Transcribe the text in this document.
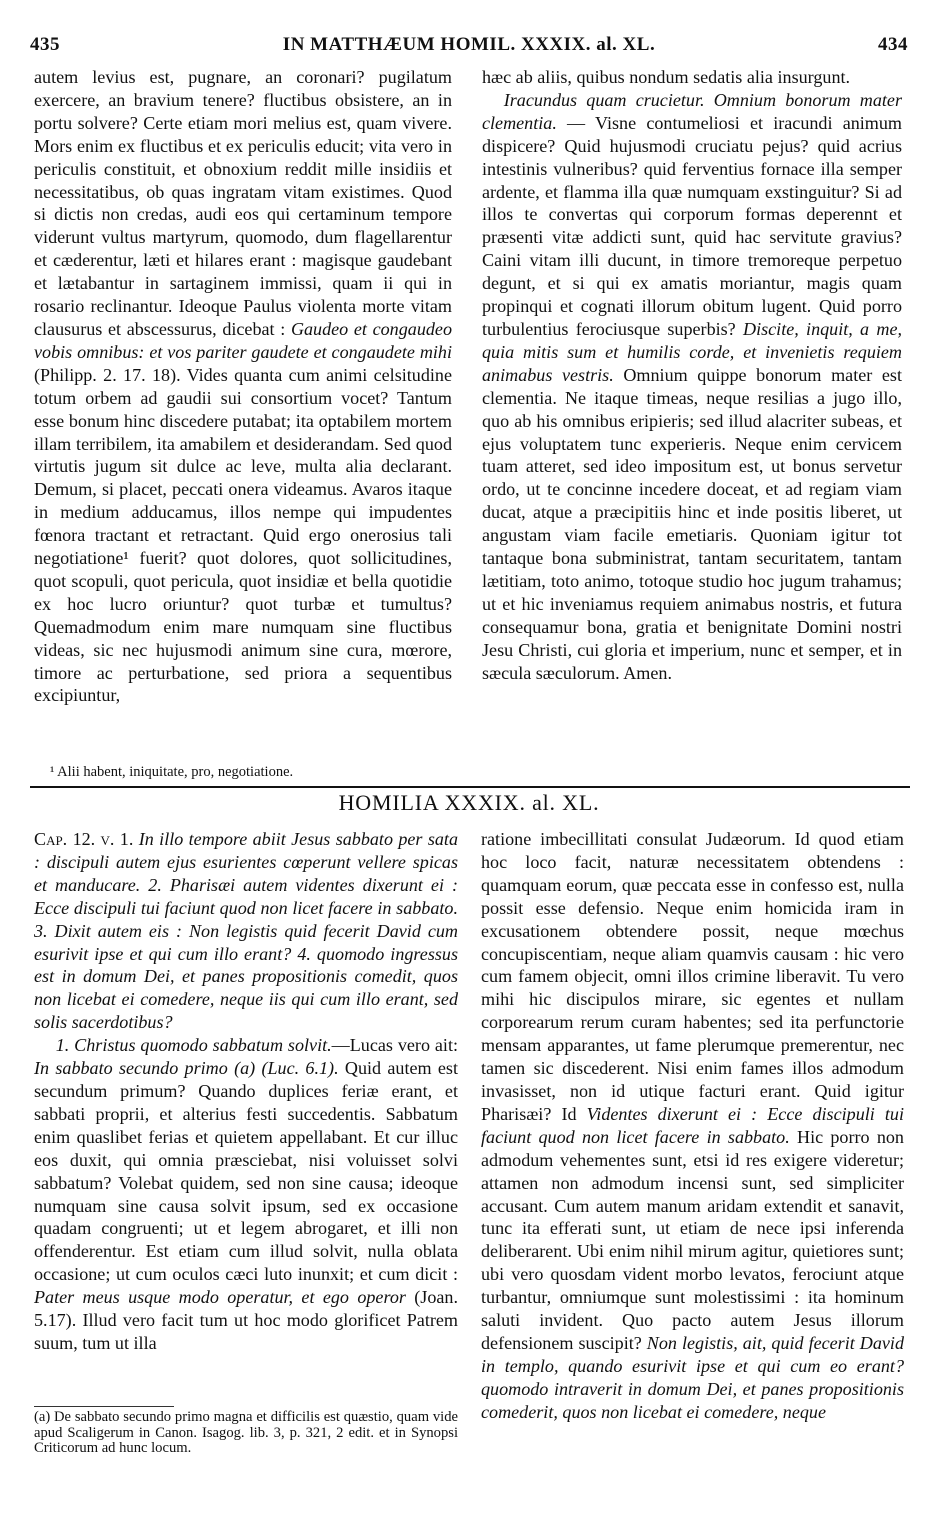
435	IN MATTHÆUM HOMIL. XXXIX. al. XL.	434

autem levius est, pugnare, an coronari? pugilatum exercere, an bravium tenere? fluctibus obsistere, an in portu solvere? Certe etiam mori melius est, quam vivere. Mors enim ex fluctibus et ex periculis educit; vita vero in periculis constituit, et obnoxium reddit mille insidiis et necessitatibus, ob quas ingratam vitam existimes. Quod si dictis non credas, audi eos qui certaminum tempore viderunt vultus martyrum, quomodo, dum flagellarentur et cæderentur, læti et hilares erant : magisque gaudebant et lætabantur in sartaginem immissi, quam ii qui in rosario reclinantur. Ideoque Paulus violenta morte vitam clausurus et abscessurus, dicebat : Gaudeo et congaudeo vobis omnibus: et vos pariter gaudete et congaudete mihi (Philipp. 2. 17. 18). Vides quanta cum animi celsitudine totum orbem ad gaudii sui consortium vocet? Tantum esse bonum hinc discedere putabat; ita optabilem mortem illam terribilem, ita amabilem et desiderandam. Sed quod virtutis jugum sit dulce ac leve, multa alia declarant. Demum, si placet, peccati onera videamus. Avaros itaque in medium adducamus, illos nempe qui impudentes fœnora tractant et retractant. Quid ergo onerosius tali negotiatione¹ fuerit? quot dolores, quot sollicitudines, quot scopuli, quot pericula, quot insidiæ et bella quotidie ex hoc lucro oriuntur? quot turbæ et tumultus? Quemadmodum enim mare numquam sine fluctibus videas, sic nec hujusmodi animum sine cura, mœrore, timore ac perturbatione, sed priora a sequentibus excipiuntur,

¹ Alii habent, iniquitate, pro, negotiatione.

hæc ab aliis, quibus nondum sedatis alia insurgunt.

Iracundus quam crucietur. Omnium bonorum mater clementia. — Visne contumeliosi et iracundi animum dispicere? Quid hujusmodi cruciatu pejus? quid acrius intestinis vulneribus? quid ferventius fornace illa semper ardente, et flamma illa quæ numquam exstinguitur? Si ad illos te convertas qui corporum formas deperennt et præsenti vitæ addicti sunt, quid hac servitute gravius? Caini vitam illi ducunt, in timore tremoreque perpetuo degunt, et si qui ex amatis moriantur, magis quam propinqui et cognati illorum obitum lugent. Quid porro turbulentius ferociusque superbis? Discite, inquit, a me, quia mitis sum et humilis corde, et invenietis requiem animabus vestris. Omnium quippe bonorum mater est clementia. Ne itaque timeas, neque resilias a jugo illo, quo ab his omnibus eripieris; sed illud alacriter subeas, et ejus voluptatem tunc experieris. Neque enim cervicem tuam atteret, sed ideo impositum est, ut bonus servetur ordo, ut te concinne incedere doceat, et ad regiam viam ducat, atque a præcipitiis hinc et inde positis liberet, ut angustam viam facile emetiaris. Quoniam igitur tot tantaque bona subministrat, tantam securitatem, tantam lætitiam, toto animo, totoque studio hoc jugum trahamus; ut et hic inveniamus requiem animabus nostris, et futura consequamur bona, gratia et benignitate Domini nostri Jesu Christi, cui gloria et imperium, nunc et semper, et in sæcula sæculorum. Amen.

HOMILIA XXXIX. al. XL.

Cap. 12. v. 1. In illo tempore abiit Jesus sabbato per sata : discipuli autem ejus esurientes cœperunt vellere spicas et manducare. 2. Pharisæi autem videntes dixerunt ei : Ecce discipuli tui faciunt quod non licet facere in sabbato. 3. Dixit autem eis : Non legistis quid fecerit David cum esurivit ipse et qui cum illo erant? 4. quomodo ingressus est in domum Dei, et panes propositionis comedit, quos non licebat ei comedere, neque iis qui cum illo erant, sed solis sacerdotibus?

1. Christus quomodo sabbatum solvit.—Lucas vero ait: In sabbato secundo primo (a) (Luc. 6.1). Quid autem est secundum primum? Quando duplices feriæ erant, et sabbati proprii, et alterius festi succedentis. Sabbatum enim quaslibet ferias et quietem appellabant. Et cur illuc eos duxit, qui omnia præsciebat, nisi voluisset solvi sabbatum? Volebat quidem, sed non sine causa; ideoque numquam sine causa solvit ipsum, sed ex occasione quadam congruenti; ut et legem abrogaret, et illi non offenderentur. Est etiam cum illud solvit, nulla oblata occasione; ut cum oculos cæci luto inunxit; et cum dicit : Pater meus usque modo operatur, et ego operor (Joan. 5.17). Illud vero facit tum ut hoc modo glorificet Patrem suum, tum ut illa

(a) De sabbato secundo primo magna et difficilis est quæstio, quam vide apud Scaligerum in Canon. Isagog. lib. 3, p. 321, 2 edit. et in Synopsi Criticorum ad hunc locum.

ratione imbecillitati consulat Judæorum. Id quod etiam hoc loco facit, naturæ necessitatem obtendens : quamquam eorum, quæ peccata esse in confesso est, nulla possit esse defensio. Neque enim homicida iram in excusationem obtendere possit, neque mœchus concupiscentiam, neque aliam quamvis causam : hic vero cum famem objecit, omni illos crimine liberavit. Tu vero mihi hic discipulos mirare, sic egentes et nullam corporearum rerum curam habentes; sed ita perfunctorie mensam apparantes, ut fame plerumque premerentur, nec tamen sic discederent. Nisi enim fames illos admodum invasisset, non id utique facturi erant. Quid igitur Pharisæi? Id Videntes dixerunt ei : Ecce discipuli tui faciunt quod non licet facere in sabbato. Hic porro non admodum vehementes sunt, etsi id res exigere videretur; attamen non admodum incensi sunt, sed simpliciter accusant. Cum autem manum aridam extendit et sanavit, tunc ita efferati sunt, ut etiam de nece ipsi inferenda deliberarent. Ubi enim nihil mirum agitur, quietiores sunt; ubi vero quosdam vident morbo levatos, ferociunt atque turbantur, omniumque sunt molestissimi : ita hominum saluti invident. Quo pacto autem Jesus illorum defensionem suscipit? Non legistis, ait, quid fecerit David in templo, quando esurivit ipse et qui cum eo erant? quomodo intraverit in domum Dei, et panes propositionis comederit, quos non licebat ei comedere, neque
